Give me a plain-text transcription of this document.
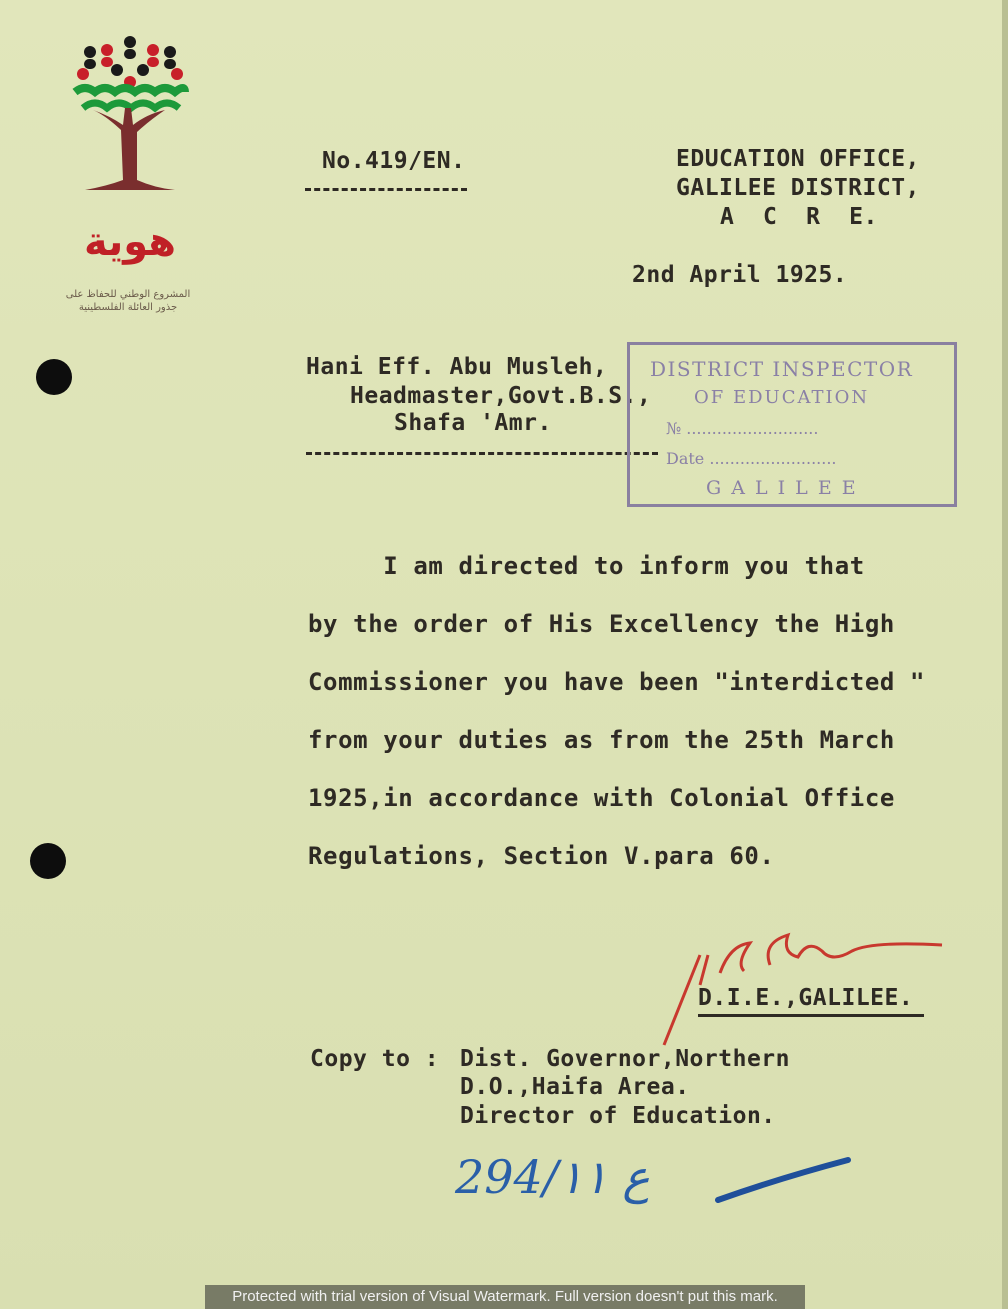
هوية
المشروع الوطني للحفاظ على
جذور العائلة الفلسطينية
No.419/EN.	EDUCATION OFFICE,
GALILEE DISTRICT,
A  C  R  E.
2nd April 1925.
Hani Eff. Abu Musleh,
Headmaster,Govt.B.S.,
Shafa 'Amr.
DISTRICT INSPECTOR
OF EDUCATION
№ ..........................
Date .........................
G A L I L E E
I am directed to inform you that
by the order of His Excellency the High
Commissioner you have been "interdicted "
from your duties as from the 25th March
1925,in accordance with Colonial Office
Regulations, Section V.para 60.
D.I.E.,GALILEE.
Copy to : Dist. Governor,Northern
D.O.,Haifa Area.
Director of Education.
294/ع ١١
Protected with trial version of Visual Watermark. Full version doesn't put this mark.
